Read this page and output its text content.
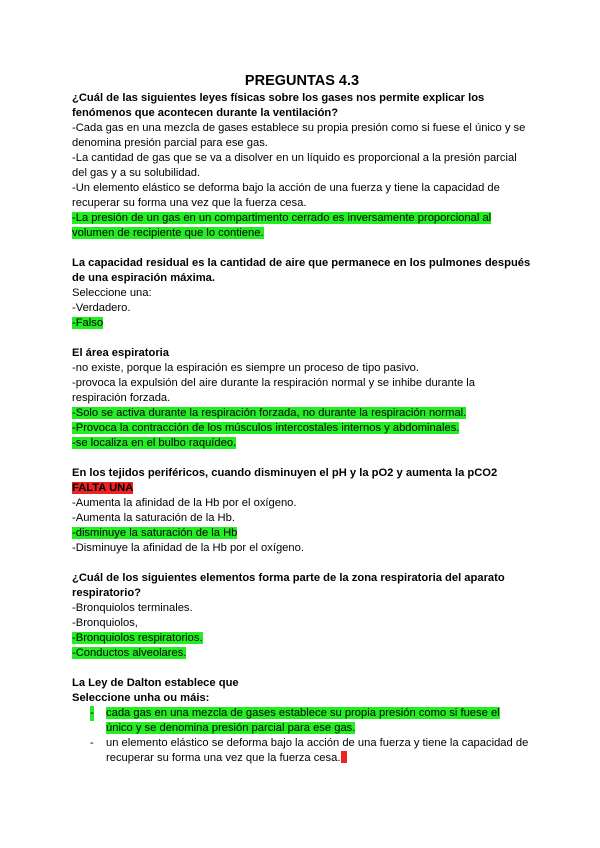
PREGUNTAS 4.3

¿Cuál de las siguientes leyes físicas sobre los gases nos permite explicar los fenómenos que acontecen durante la ventilación?

-Cada gas en una mezcla de gases establece su propia presión como si fuese el único y se denomina presión parcial para ese gas.

-La cantidad de gas que se va a disolver en un líquido es proporcional a la presión parcial del gas y a su solubilidad.

-Un elemento elástico se deforma bajo la acción de una fuerza y tiene la capacidad de recuperar su forma una vez que la fuerza cesa.

-La presión de un gas en un compartimento cerrado es inversamente proporcional al
volumen de recipiente que lo contiene.

La capacidad residual es la cantidad de aire que permanece en los pulmones después de una espiración máxima.

Seleccione una:

-Verdadero.

-Falso

El área espiratoria

-no existe, porque la espiración es siempre un proceso de tipo pasivo.

-provoca la expulsión del aire durante la respiración normal y se inhibe durante la respiración forzada.

-Solo se activa durante la respiración forzada, no durante la respiración normal.

-Provoca la contracción de los músculos intercostales internos y abdominales.

-se localiza en el bulbo raquídeo.

En los tejidos periféricos, cuando disminuyen el pH y la pO2 y aumenta la pCO2

FALTA UNA

-Aumenta la afinidad de la Hb por el oxígeno.

-Aumenta la saturación de la Hb.

-disminuye la saturación de la Hb

-Disminuye la afinidad de la Hb por el oxígeno.

¿Cuál de los siguientes elementos forma parte de la zona respiratoria del aparato respiratorio?

-Bronquiolos terminales.

-Bronquiolos,

-Bronquiolos respiratorios.

-Conductos alveolares.

La Ley de Dalton establece que

Seleccione unha ou máis:

- cada gas en una mezcla de gases establece su propia presión como si fuese el
único y se denomina presión parcial para ese gas.

- un elemento elástico se deforma bajo la acción de una fuerza y tiene la capacidad de
recuperar su forma una vez que la fuerza cesa.
